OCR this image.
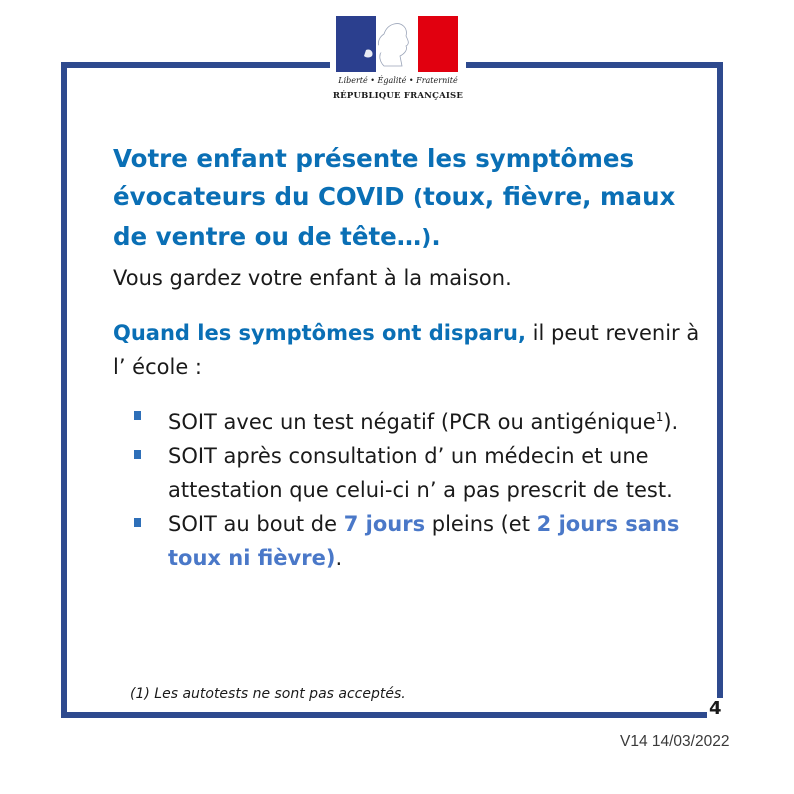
Liberté • Égalité • Fraternité
RÉPUBLIQUE FRANÇAISE
Votre enfant présente les symptômes évocateurs du COVID (toux, fièvre, maux de ventre ou de tête…).

Vous gardez votre enfant à la maison.

Quand les symptômes ont disparu, il peut revenir à l’ école :

SOIT avec un test négatif (PCR ou antigénique$^1$).
SOIT après consultation d’ un médecin et une attestation que celui-ci n’ a pas prescrit de test.
SOIT au bout de 7 jours pleins (et 2 jours sans toux ni fièvre).

(1) Les autotests ne sont pas acceptés.

4
V14 14/03/2022
